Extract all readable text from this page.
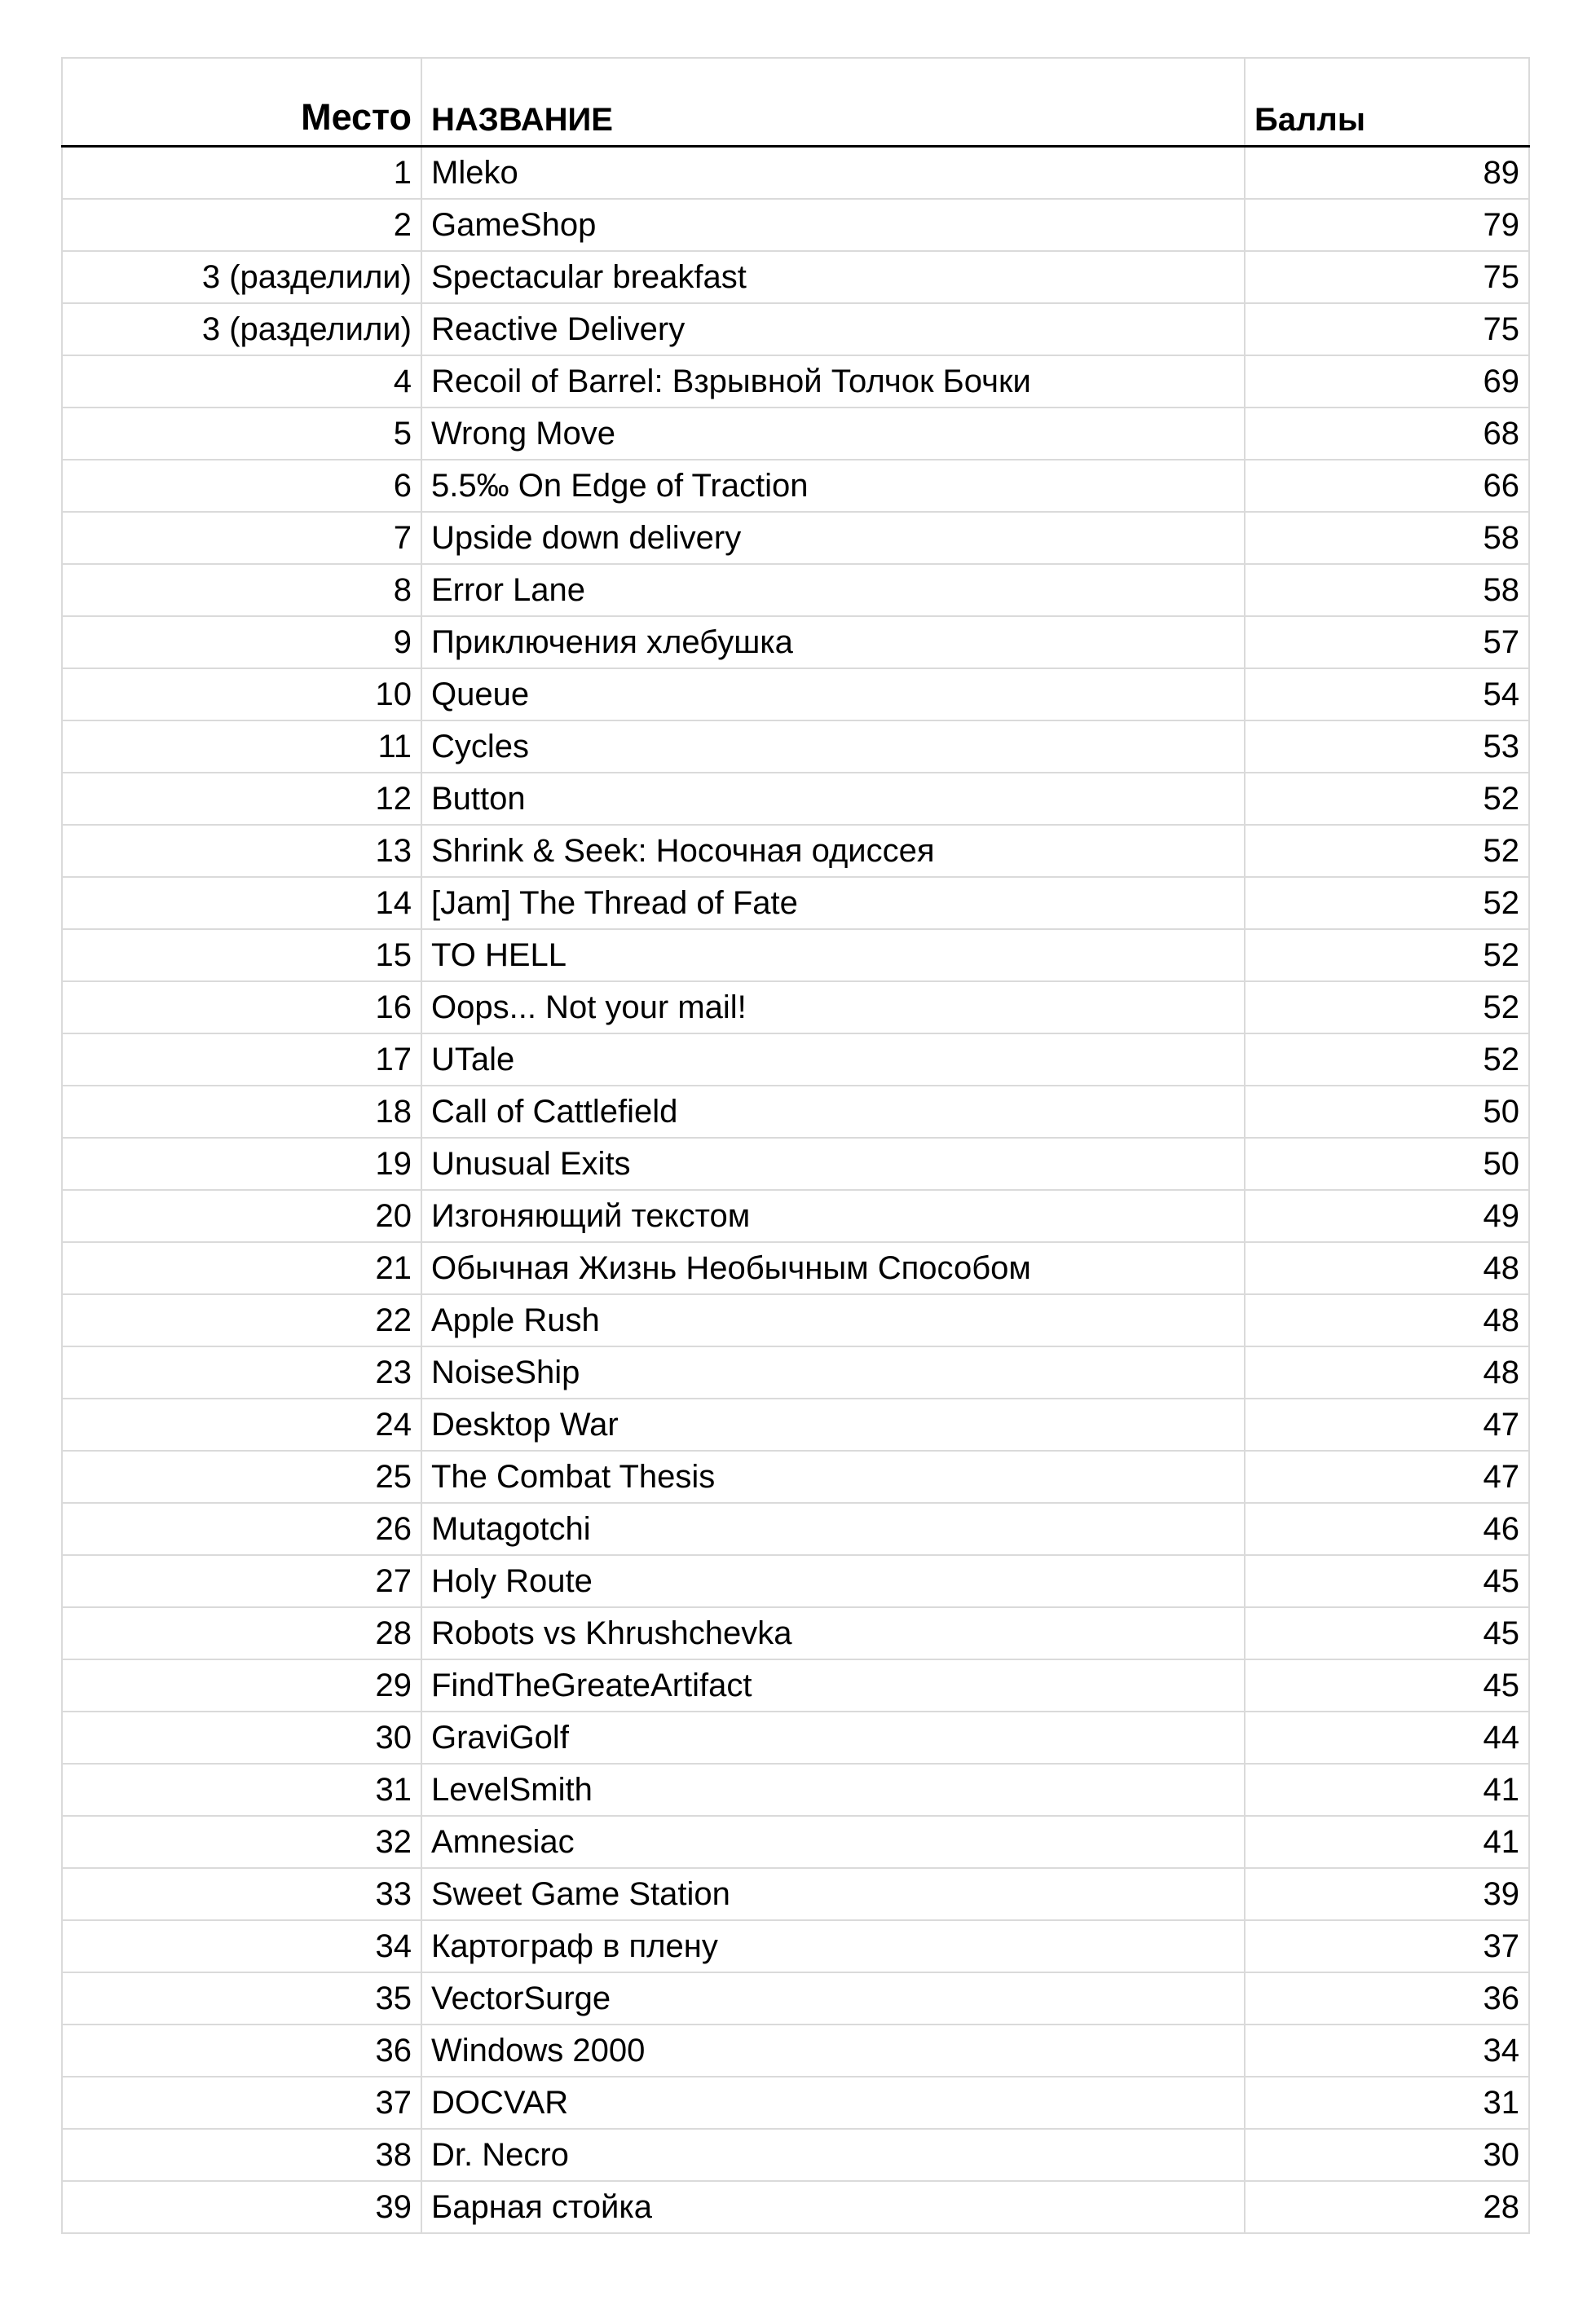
Место	НАЗВАНИЕ	Баллы
1	Mleko	89
2	GameShop	79
3 (разделили)	Spectacular breakfast	75
3 (разделили)	Reactive Delivery	75
4	Recoil of Barrel: Взрывной Толчок Бочки	69
5	Wrong Move	68
6	5.5‰ On Edge of Traction	66
7	Upside down delivery	58
8	Error Lane	58
9	Приключения хлебушка	57
10	Queue	54
11	Cycles	53
12	Button	52
13	Shrink & Seek: Носочная одиссея	52
14	[Jam] The Thread of Fate	52
15	TO HELL	52
16	Oops... Not your mail!	52
17	UTale	52
18	Call of Cattlefield	50
19	Unusual Exits	50
20	Изгоняющий текстом	49
21	Обычная Жизнь Необычным Способом	48
22	Apple Rush	48
23	NoiseShip	48
24	Desktop War	47
25	The Combat Thesis	47
26	Mutagotchi	46
27	Holy Route	45
28	Robots vs Khrushchevka	45
29	FindTheGreateArtifact	45
30	GraviGolf	44
31	LevelSmith	41
32	Amnesiac	41
33	Sweet Game Station	39
34	Картограф в плену	37
35	VectorSurge	36
36	Windows 2000	34
37	DOCVAR	31
38	Dr. Necro	30
39	Барная стойка	28
